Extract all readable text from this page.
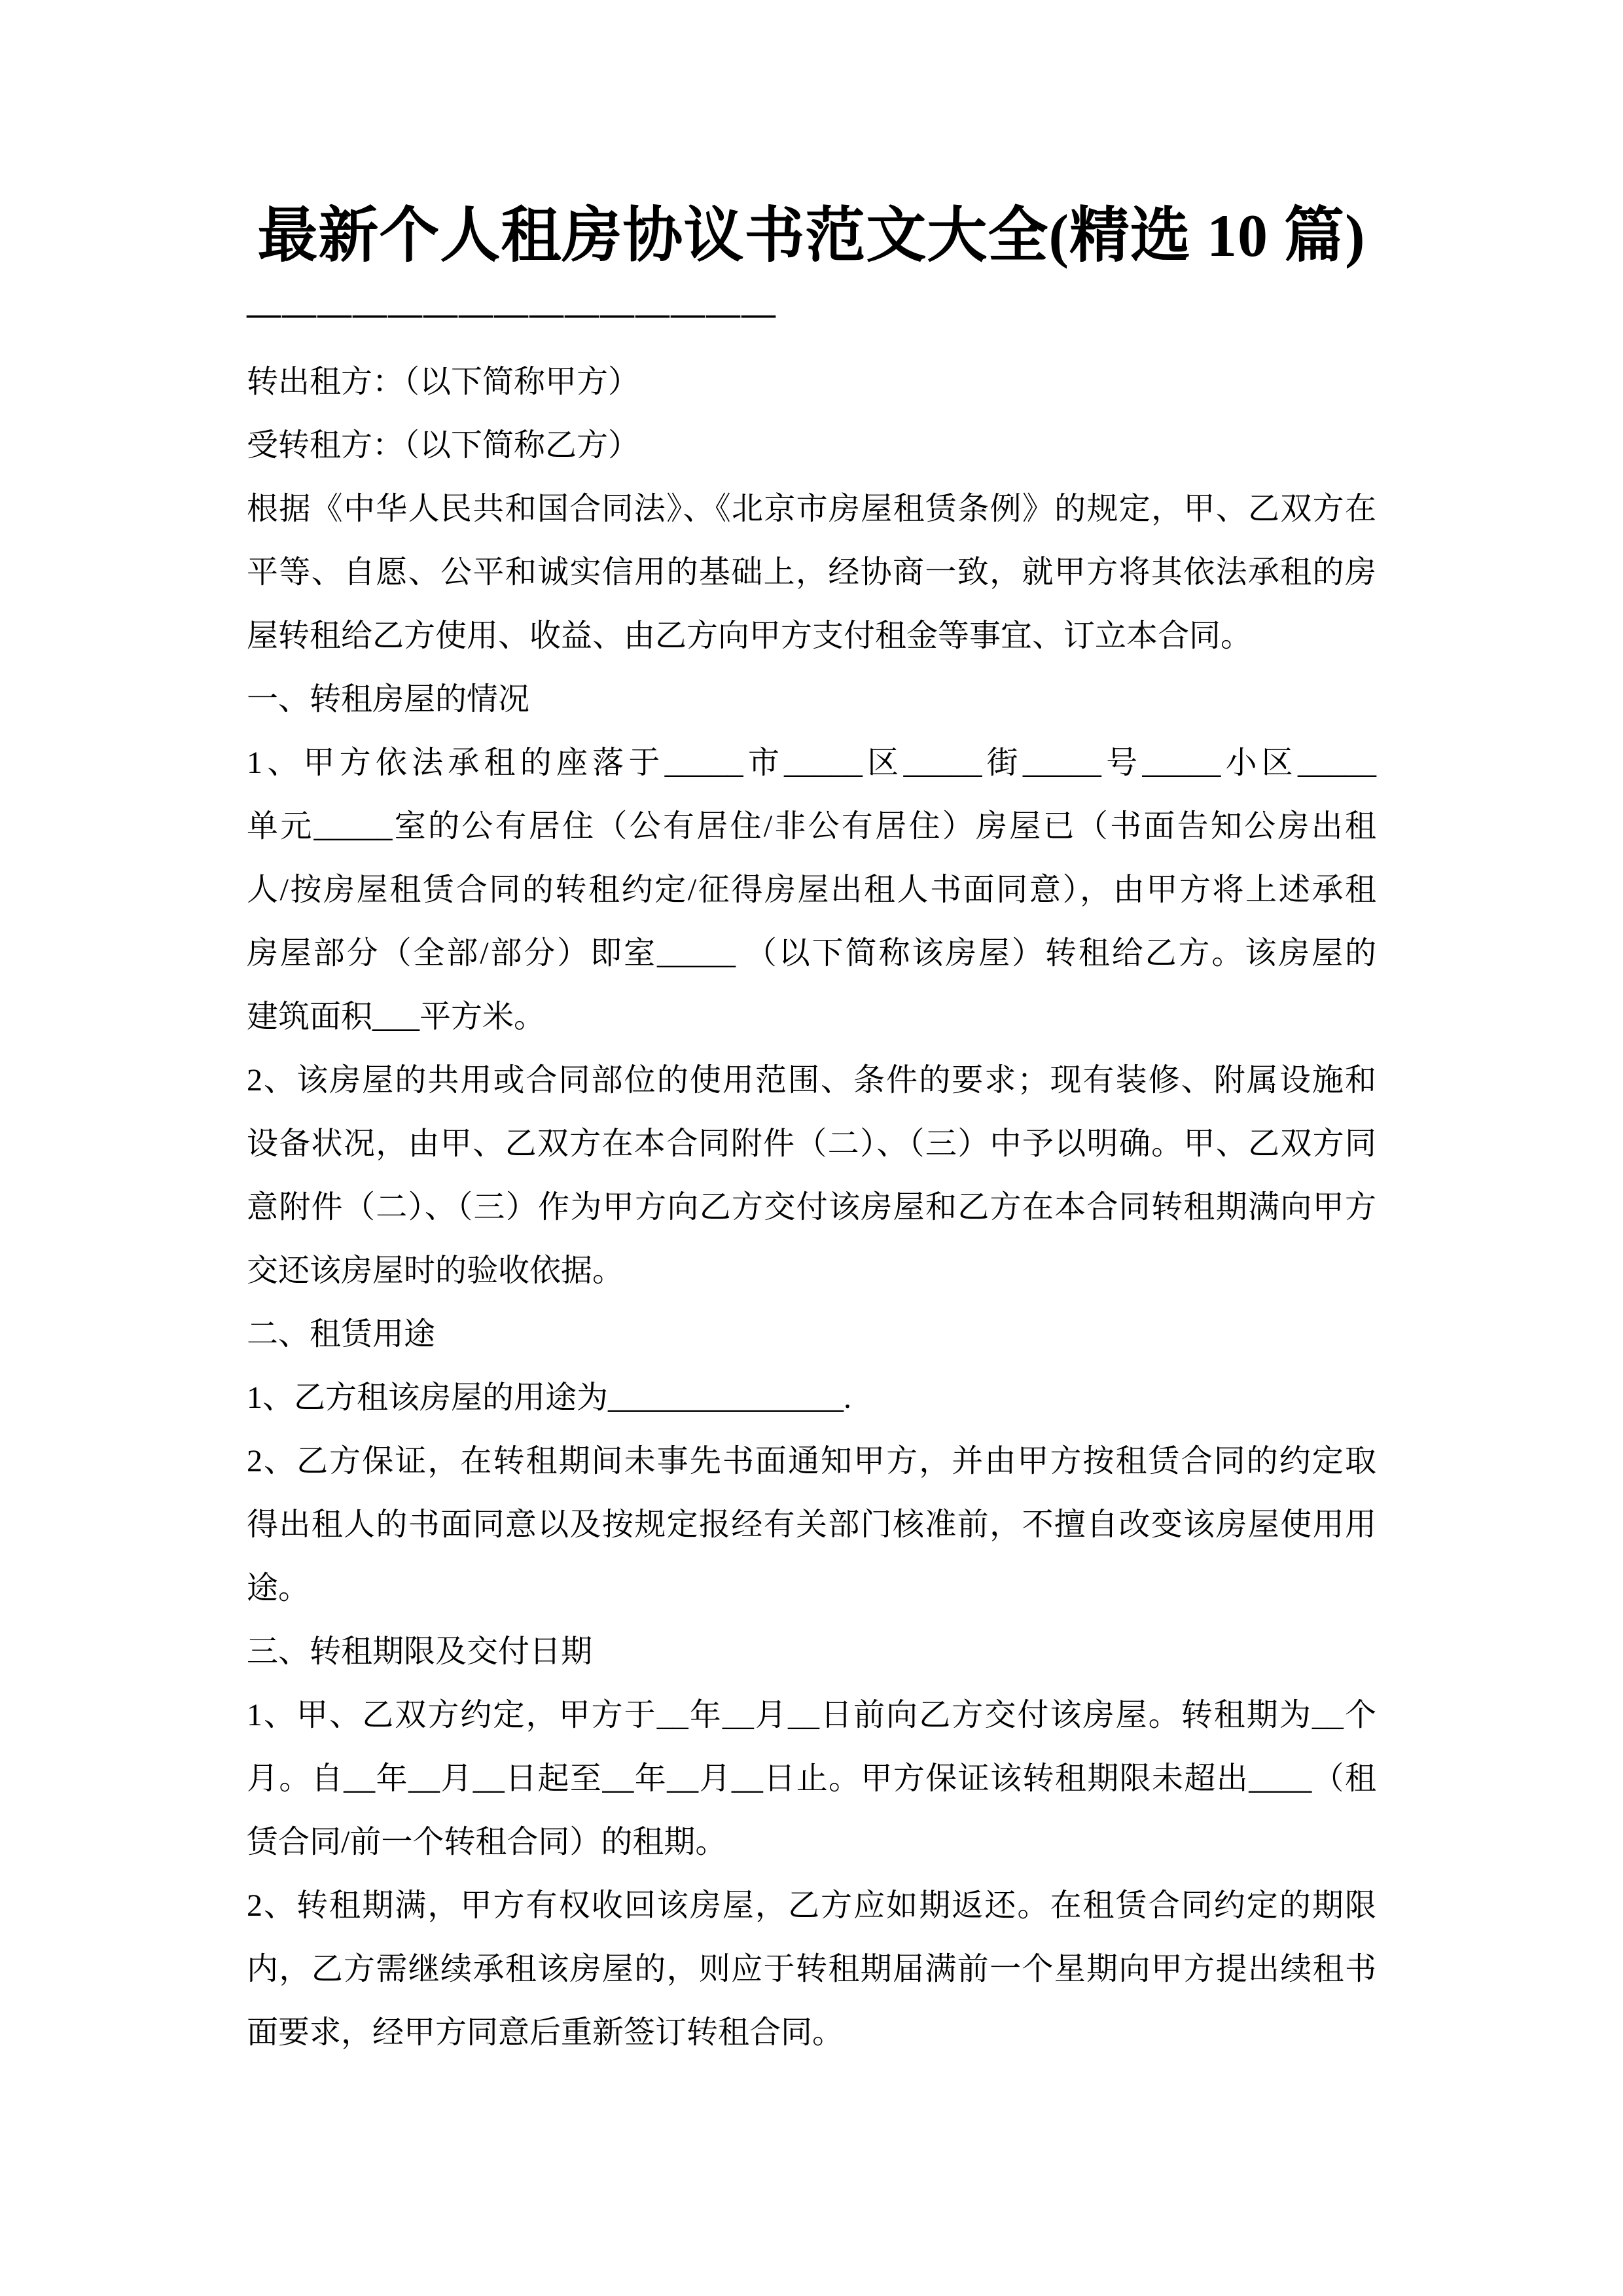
最新个人租房协议书范文大全(精选 10 篇)
———————————————
转出租方：（以下简称甲方）
受转租方：（以下简称乙方）
根据《中华人民共和国合同法》、《北京市房屋租赁条例》的规定，甲、乙双方在
平等、自愿、公平和诚实信用的基础上，经协商一致，就甲方将其依法承租的房
屋转租给乙方使用、收益、由乙方向甲方支付租金等事宜、订立本合同。
一、转租房屋的情况
1、甲方依法承租的座落于_____市_____区_____街_____号_____小区_____
单元_____室的公有居住（公有居住/非公有居住）房屋已（书面告知公房出租
人/按房屋租赁合同的转租约定/征得房屋出租人书面同意），由甲方将上述承租
房屋部分（全部/部分）即室_____ （以下简称该房屋）转租给乙方。该房屋的
建筑面积___平方米。
2、该房屋的共用或合同部位的使用范围、条件的要求；现有装修、附属设施和
设备状况，由甲、乙双方在本合同附件（二）、（三）中予以明确。甲、乙双方同
意附件（二）、（三）作为甲方向乙方交付该房屋和乙方在本合同转租期满向甲方
交还该房屋时的验收依据。
二、租赁用途
1、乙方租该房屋的用途为_______________.
2、乙方保证，在转租期间未事先书面通知甲方，并由甲方按租赁合同的约定取
得出租人的书面同意以及按规定报经有关部门核准前，不擅自改变该房屋使用用
途。
三、转租期限及交付日期
1、甲、乙双方约定，甲方于__年__月__日前向乙方交付该房屋。转租期为__个
月。自__年__月__日起至__年__月__日止。甲方保证该转租期限未超出____（租
赁合同/前一个转租合同）的租期。
2、转租期满，甲方有权收回该房屋，乙方应如期返还。在租赁合同约定的期限
内，乙方需继续承租该房屋的，则应于转租期届满前一个星期向甲方提出续租书
面要求，经甲方同意后重新签订转租合同。
